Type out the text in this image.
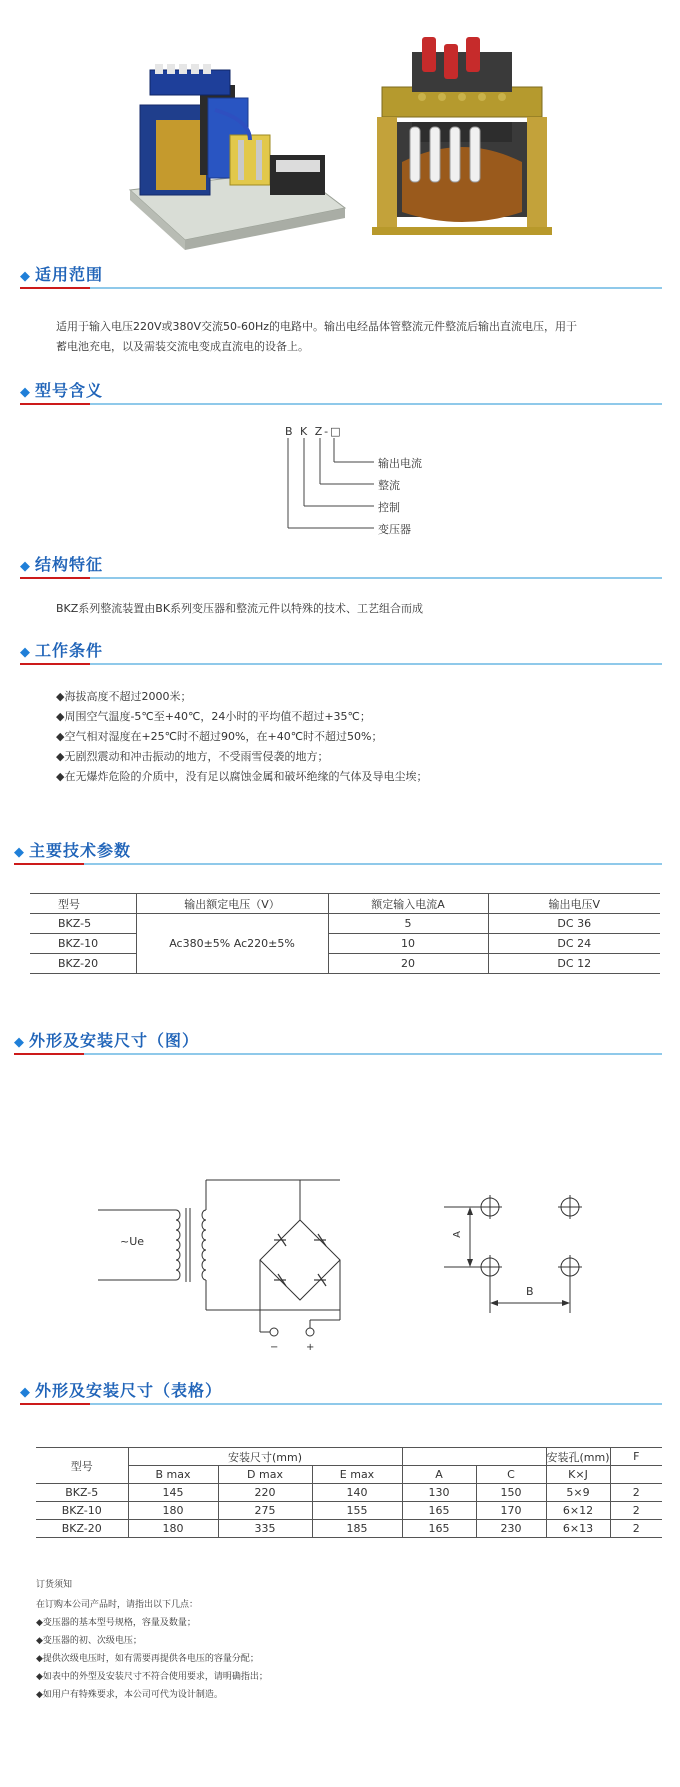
◆ 适用范围
适用于输入电压220V或380V交流50-60Hz的电路中。输出电经晶体管整流元件整流后输出直流电压，用于
蓄电池充电，以及需装交流电变成直流电的设备上。
◆ 型号含义
B K Z-□
输出电流
整流
控制
变压器
◆ 结构特征
BKZ系列整流装置由BK系列变压器和整流元件以特殊的技术、工艺组合而成
◆ 工作条件
◆海拔高度不超过2000米；
◆周围空气温度-5℃至+40℃，24小时的平均值不超过+35℃；
◆空气相对湿度在+25℃时不超过90%，在+40℃时不超过50%；
◆无剧烈震动和冲击振动的地方，不受雨雪侵袭的地方；
◆在无爆炸危险的介质中，没有足以腐蚀金属和破坏绝缘的气体及导电尘埃；
◆ 主要技术参数
型号	输出额定电压（V）	额定输入电流A	输出电压V
BKZ-5	Ac380±5% Ac220±5%	5	DC 36
BKZ-10		10	DC 24
BKZ-20		20	DC 12
◆ 外形及安装尺寸（图）
~Ue
−	+
A
B
◆ 外形及安装尺寸（表格）
型号	安装尺寸(mm)					安装孔(mm)	F
	B max	D max	E max	A	C	K×J	
BKZ-5	145	220	140	130	150	5×9	2
BKZ-10	180	275	155	165	170	6×12	2
BKZ-20	180	335	185	165	230	6×13	2
订货须知
在订购本公司产品时，请指出以下几点：
◆变压器的基本型号规格，容量及数量；
◆变压器的初、次级电压；
◆提供次级电压时，如有需要再提供各电压的容量分配；
◆如表中的外型及安装尺寸不符合使用要求，请明确指出；
◆如用户有特殊要求，本公司可代为设计制造。
